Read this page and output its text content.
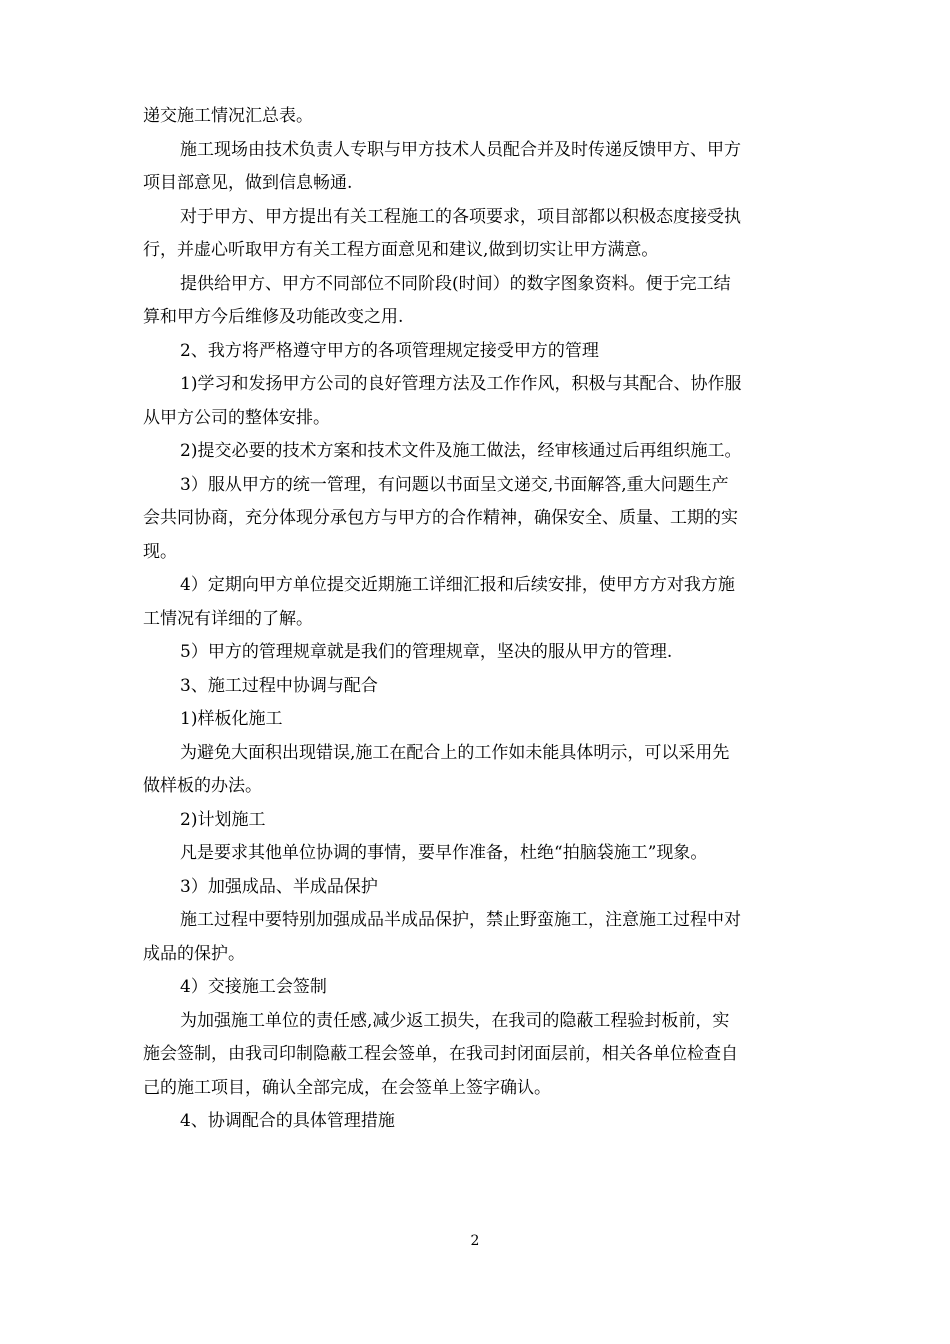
递交施工情况汇总表。

施工现场由技术负责人专职与甲方技术人员配合并及时传递反馈甲方、甲方

项目部意见，做到信息畅通.

对于甲方、甲方提出有关工程施工的各项要求，项目部都以积极态度接受执

行，并虚心听取甲方有关工程方面意见和建议,做到切实让甲方满意。

提供给甲方、甲方不同部位不同阶段(时间）的数字图象资料。便于完工结

算和甲方今后维修及功能改变之用.

2、我方将严格遵守甲方的各项管理规定接受甲方的管理

1)学习和发扬甲方公司的良好管理方法及工作作风，积极与其配合、协作服

从甲方公司的整体安排。

2)提交必要的技术方案和技术文件及施工做法，经审核通过后再组织施工。

3）服从甲方的统一管理，有问题以书面呈文递交,书面解答,重大问题生产

会共同协商，充分体现分承包方与甲方的合作精神，确保安全、质量、工期的实

现。

4）定期向甲方单位提交近期施工详细汇报和后续安排，使甲方方对我方施

工情况有详细的了解。

5）甲方的管理规章就是我们的管理规章，坚决的服从甲方的管理.

3、施工过程中协调与配合

1)样板化施工

为避免大面积出现错误,施工在配合上的工作如未能具体明示，可以采用先

做样板的办法。

2)计划施工

凡是要求其他单位协调的事情，要早作准备，杜绝“拍脑袋施工”现象。

3）加强成品、半成品保护

施工过程中要特别加强成品半成品保护，禁止野蛮施工，注意施工过程中对

成品的保护。

4）交接施工会签制

为加强施工单位的责任感,减少返工损失，在我司的隐蔽工程验封板前，实

施会签制，由我司印制隐蔽工程会签单，在我司封闭面层前，相关各单位检查自

己的施工项目，确认全部完成，在会签单上签字确认。

4、协调配合的具体管理措施

2
